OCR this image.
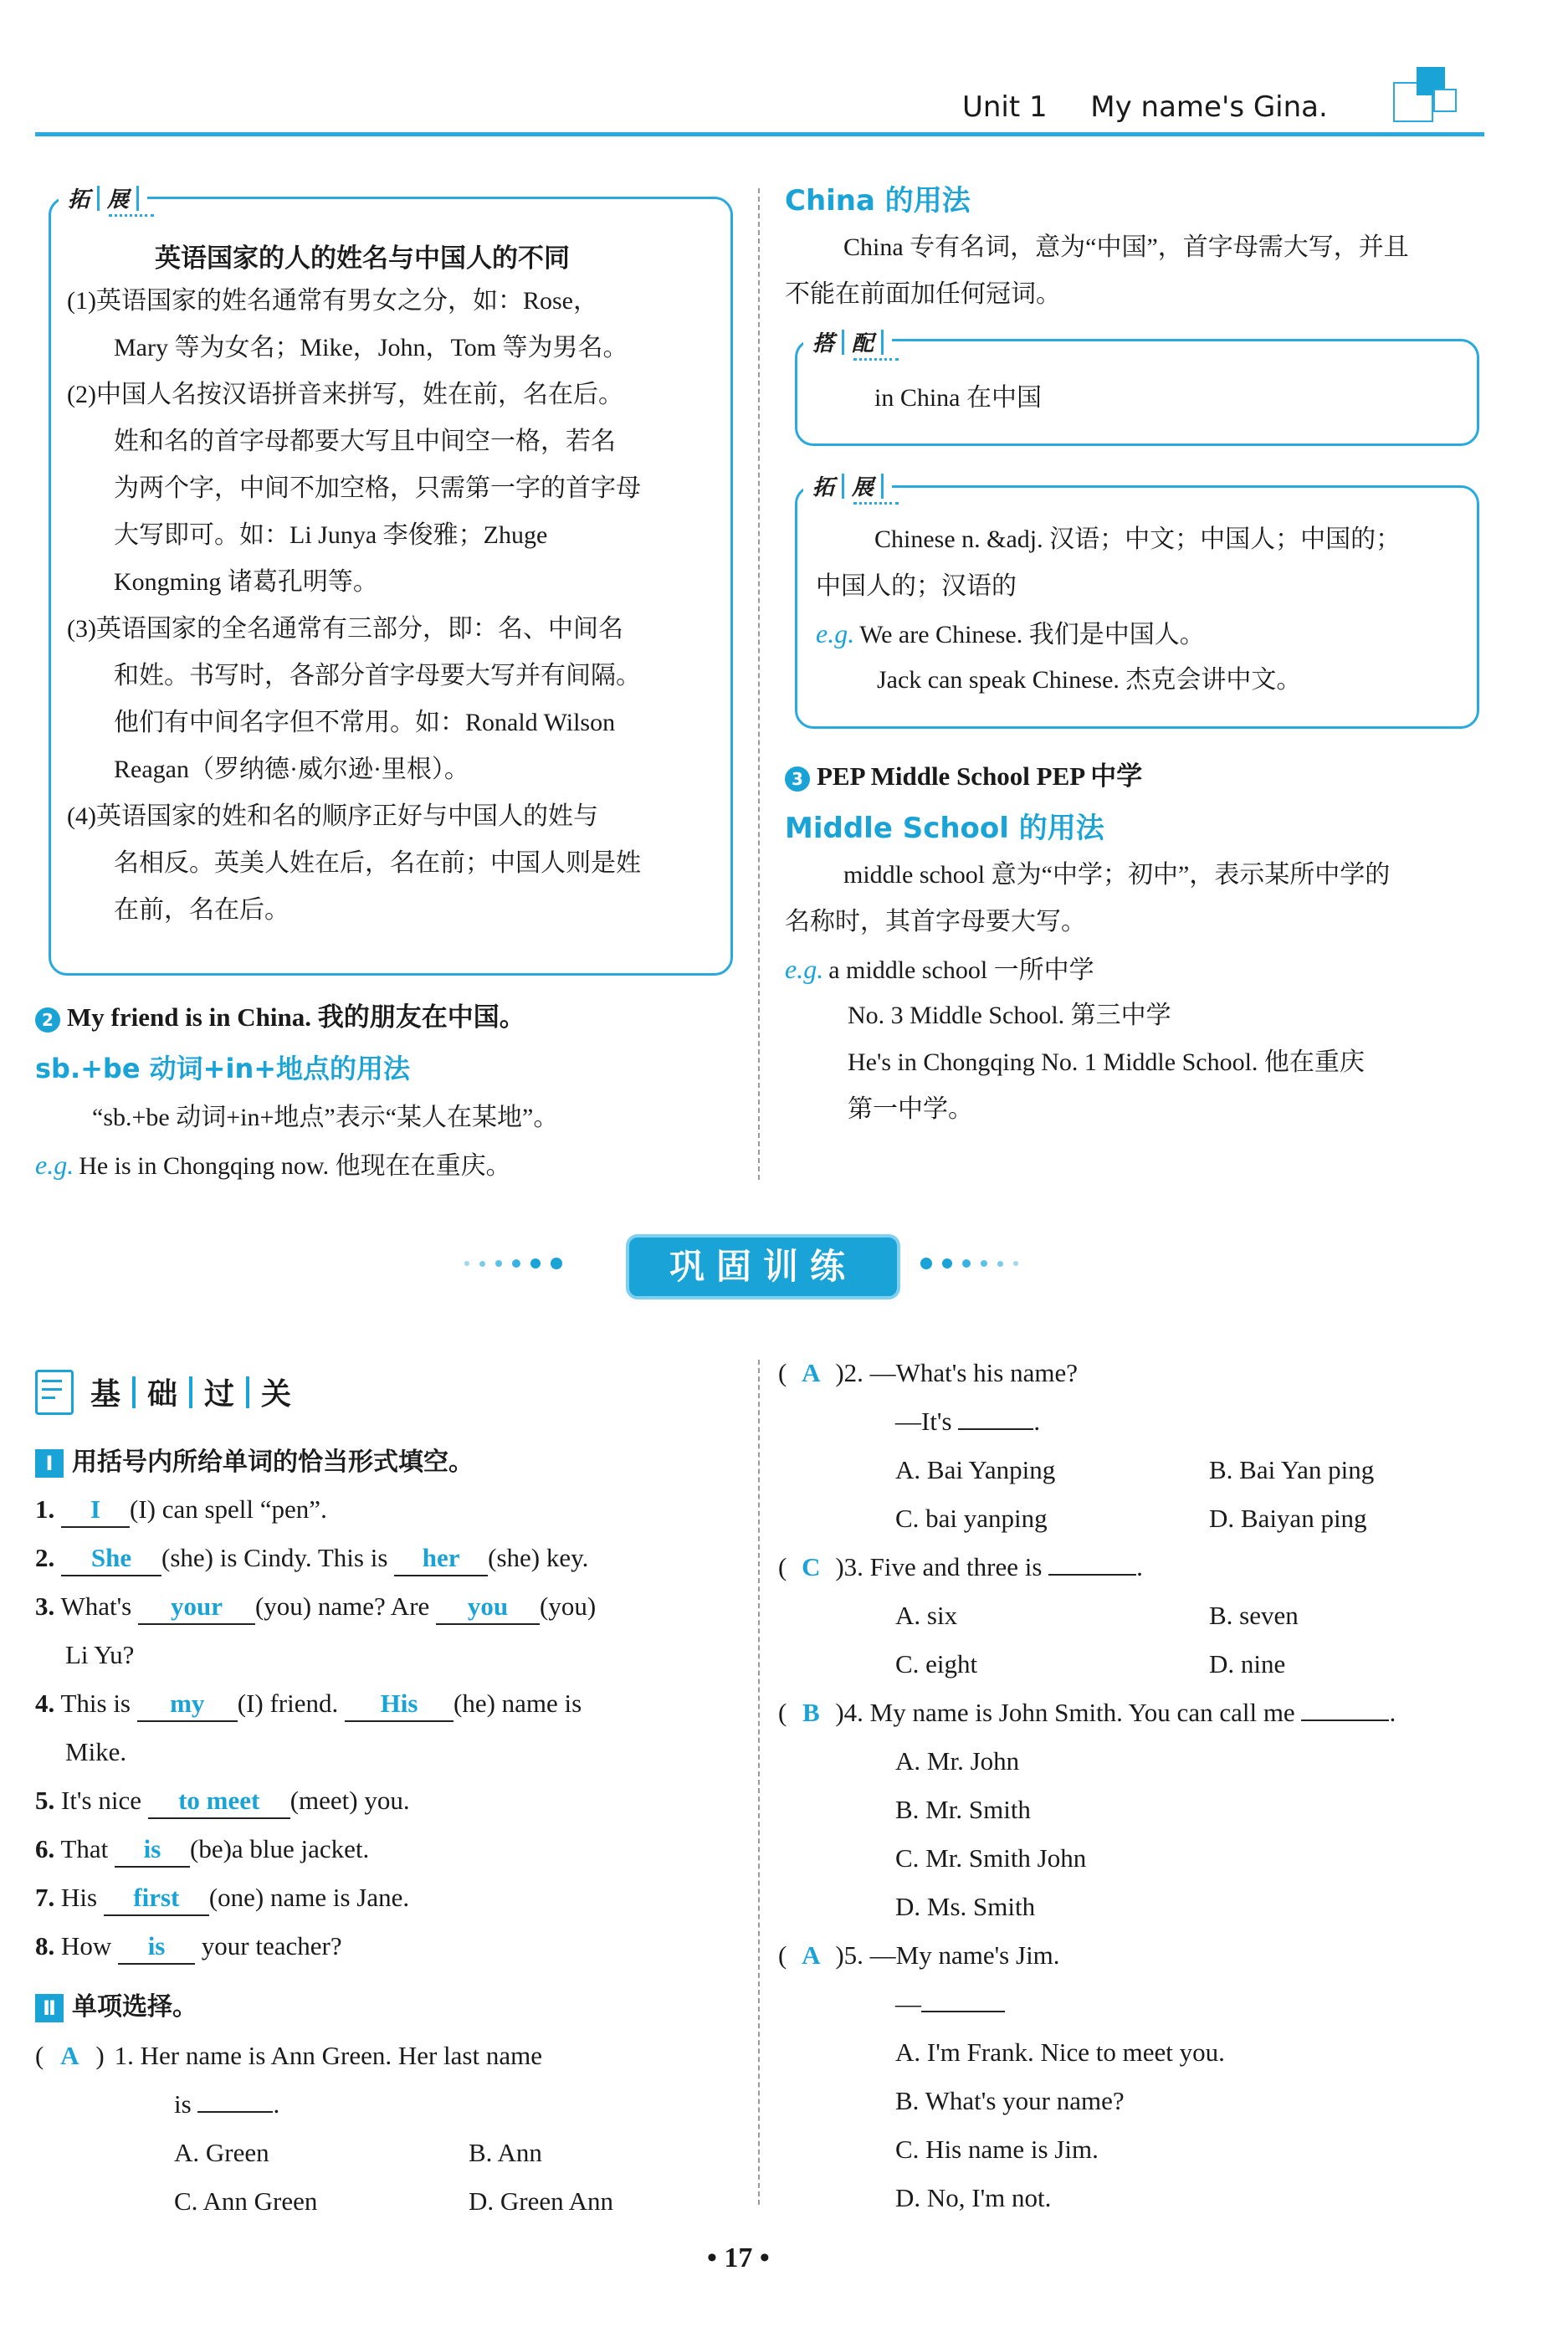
Unit 1 My name's Gina.
拓 展
英语国家的人的姓名与中国人的不同
(1)英语国家的姓名通常有男女之分，如：Rose，
Mary 等为女名；Mike，John，Tom 等为男名。
(2)中国人名按汉语拼音来拼写，姓在前，名在后。
姓和名的首字母都要大写且中间空一格，若名
为两个字，中间不加空格，只需第一字的首字母
大写即可。如：Li Junya 李俊雅；Zhuge
Kongming 诸葛孔明等。
(3)英语国家的全名通常有三部分，即：名、中间名
和姓。书写时，各部分首字母要大写并有间隔。
他们有中间名字但不常用。如：Ronald Wilson
Reagan（罗纳德·威尔逊·里根）。
(4)英语国家的姓和名的顺序正好与中国人的姓与
名相反。英美人姓在后，名在前；中国人则是姓
在前，名在后。
2 My friend is in China. 我的朋友在中国。
sb.+be 动词+in+地点的用法
“sb.+be 动词+in+地点”表示“某人在某地”。
e.g. He is in Chongqing now. 他现在在重庆。
China 的用法
China 专有名词，意为“中国”，首字母需大写，并且
不能在前面加任何冠词。
搭 配
in China 在中国
拓 展
Chinese n. &adj. 汉语；中文；中国人；中国的；
中国人的；汉语的
e.g. We are Chinese. 我们是中国人。
Jack can speak Chinese. 杰克会讲中文。
3 PEP Middle School PEP 中学
Middle School 的用法
middle school 意为“中学；初中”，表示某所中学的
名称时，其首字母要大写。
e.g. a middle school 一所中学
No. 3 Middle School. 第三中学
He's in Chongqing No. 1 Middle School. 他在重庆
第一中学。
巩固训练
基 础 过 关
Ⅰ 用括号内所给单词的恰当形式填空。
1. I (I) can spell “pen”.
2. She (she) is Cindy. This is her (she) key.
3. What's your (you) name? Are you (you)
Li Yu?
4. This is my (I) friend. His (he) name is
Mike.
5. It's nice to meet (meet) you.
6. That is (be)a blue jacket.
7. His first (one) name is Jane.
8. How is your teacher?
Ⅱ 单项选择。
( A ) 1. Her name is Ann Green. Her last name
is	.
A. Green	B. Ann
C. Ann Green	D. Green Ann
( A )2. —What's his name?
—It's	.
A. Bai Yanping	B. Bai Yan ping
C. bai yanping	D. Baiyan ping
( C )3. Five and three is	.
A. six	B. seven
C. eight	D. nine
( B )4. My name is John Smith. You can call me	.
A. Mr. John
B. Mr. Smith
C. Mr. Smith John
D. Ms. Smith
( A )5. —My name's Jim.
—
A. I'm Frank. Nice to meet you.
B. What's your name?
C. His name is Jim.
D. No, I'm not.
• 17 •
